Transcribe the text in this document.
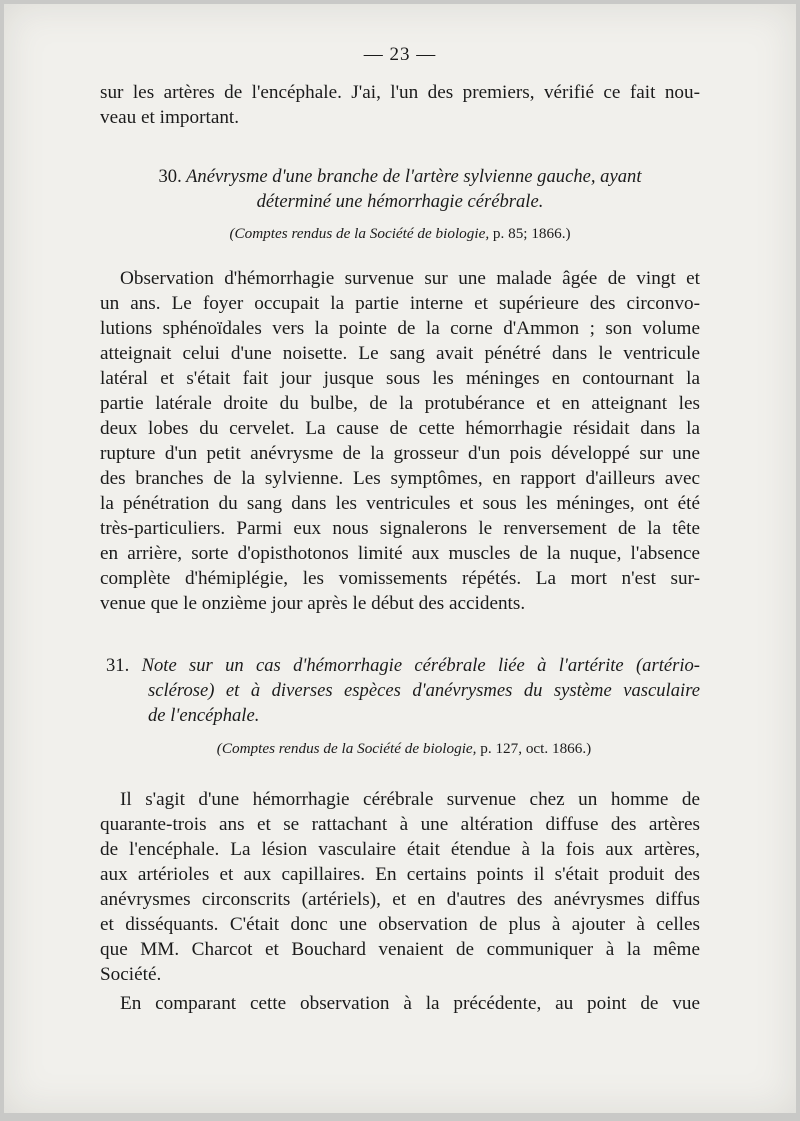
— 23 —
sur les artères de l'encéphale. J'ai, l'un des premiers, vérifié ce fait nou-
veau et important.
30. Anévrysme d'une branche de l'artère sylvienne gauche, ayant
déterminé une hémorrhagie cérébrale.
(Comptes rendus de la Société de biologie, p. 85; 1866.)
Observation d'hémorrhagie survenue sur une malade âgée de vingt et
un ans. Le foyer occupait la partie interne et supérieure des circonvo-
lutions sphénoïdales vers la pointe de la corne d'Ammon ; son volume
atteignait celui d'une noisette. Le sang avait pénétré dans le ventricule
latéral et s'était fait jour jusque sous les méninges en contournant la
partie latérale droite du bulbe, de la protubérance et en atteignant les
deux lobes du cervelet. La cause de cette hémorrhagie résidait dans la
rupture d'un petit anévrysme de la grosseur d'un pois développé sur une
des branches de la sylvienne. Les symptômes, en rapport d'ailleurs avec
la pénétration du sang dans les ventricules et sous les méninges, ont été
très-particuliers. Parmi eux nous signalerons le renversement de la tête
en arrière, sorte d'opisthotonos limité aux muscles de la nuque, l'absence
complète d'hémiplégie, les vomissements répétés. La mort n'est sur-
venue que le onzième jour après le début des accidents.
31. Note sur un cas d'hémorrhagie cérébrale liée à l'artérite (artério-
sclérose) et à diverses espèces d'anévrysmes du système vasculaire
de l'encéphale.
(Comptes rendus de la Société de biologie, p. 127, oct. 1866.)
Il s'agit d'une hémorrhagie cérébrale survenue chez un homme de
quarante-trois ans et se rattachant à une altération diffuse des artères
de l'encéphale. La lésion vasculaire était étendue à la fois aux artères,
aux artérioles et aux capillaires. En certains points il s'était produit des
anévrysmes circonscrits (artériels), et en d'autres des anévrysmes diffus
et disséquants. C'était donc une observation de plus à ajouter à celles
que MM. Charcot et Bouchard venaient de communiquer à la même
Société.
En comparant cette observation à la précédente, au point de vue
